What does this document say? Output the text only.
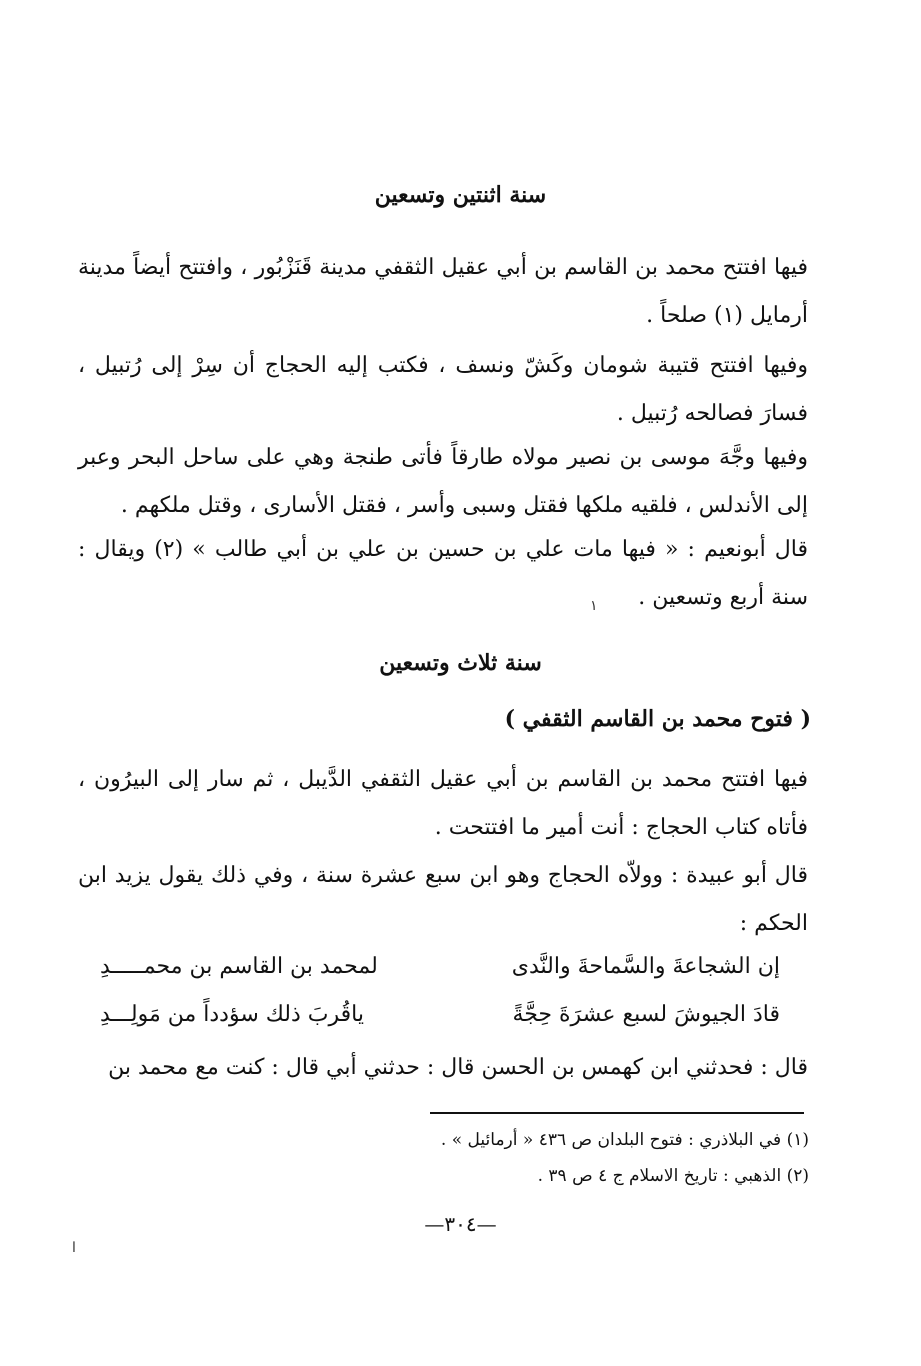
سنة اثنتين وتسعين
فيها افتتح محمد بن القاسم بن أبي عقيل الثقفي مدينة قَنَزْبُور ، وافتتح أيضاً مدينة أرمايل (١) صلحاً .
وفيها افتتح قتيبة شومان وكَشّ ونسف ، فكتب إليه الحجاج أن سِرْ إلى رُتبيل ، فسارَ فصالحه رُتبيل .
وفيها وجَّهَ موسى بن نصير مولاه طارقاً فأتى طنجة وهي على ساحل البحر وعبر إلى الأندلس ، فلقيه ملكها فقتل وسبى وأسر ، فقتل الأسارى ، وقتل ملكهم .
قال أبونعيم : « فيها مات علي بن حسين بن علي بن أبي طالب » (٢) ويقال : سنة أربع وتسعين .
١
سنة ثلاث وتسعين
( فتوح محمد بن القاسم الثقفي )
فيها افتتح محمد بن القاسم بن أبي عقيل الثقفي الدَّيبل ، ثم سار إلى البيرُون ، فأتاه كتاب الحجاج : أنت أمير ما افتتحت .
قال أبو عبيدة : وولاّه الحجاج وهو ابن سبع عشرة سنة ، وفي ذلك يقول يزيد ابن الحكم :
إن الشجاعةَ والسَّماحةَ والنَّدى
لمحمد بن القاسم بن محمـــــدِ
قادَ الجيوشَ لسبع عشرَةَ حِجَّةً
ياقُربَ ذلك سؤدداً من مَولِـــدِ
قال : فحدثني ابن كهمس بن الحسن قال : حدثني أبي قال : كنت مع محمد بن
(١) في البلاذري : فتوح البلدان ص ٤٣٦ « أرمائيل » .
(٢) الذهبي : تاريخ الاسلام ج ٤ ص ٣٩ .
—٣٠٤—
ا
